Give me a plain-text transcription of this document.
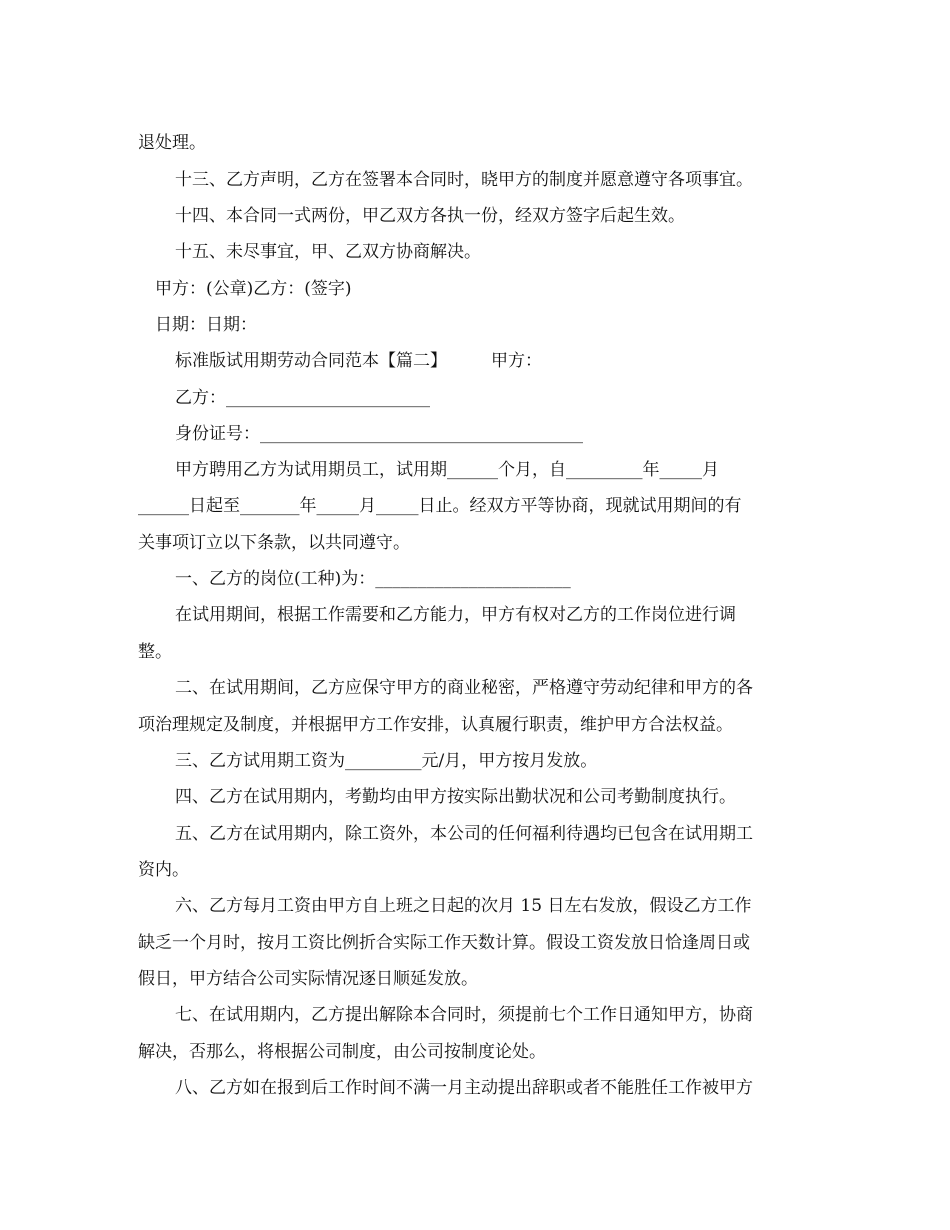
退处理。

十三、乙方声明，乙方在签署本合同时，晓甲方的制度并愿意遵守各项事宜。

十四、本合同一式两份，甲乙双方各执一份，经双方签字后起生效。

十五、未尽事宜，甲、乙双方协商解决。

甲方：(公章)乙方：(签字)

日期：日期：

标准版试用期劳动合同范本【篇二】	甲方：

乙方：________________________

身份证号：______________________________________

甲方聘用乙方为试用期员工，试用期______个月，自_________年_____月

______日起至_______年_____月_____日止。经双方平等协商，现就试用期间的有

关事项订立以下条款，以共同遵守。

一、乙方的岗位(工种)为：_______________________

在试用期间，根据工作需要和乙方能力，甲方有权对乙方的工作岗位进行调

整。

二、在试用期间，乙方应保守甲方的商业秘密，严格遵守劳动纪律和甲方的各

项治理规定及制度，并根据甲方工作安排，认真履行职责，维护甲方合法权益。

三、乙方试用期工资为_________元/月，甲方按月发放。

四、乙方在试用期内，考勤均由甲方按实际出勤状况和公司考勤制度执行。

五、乙方在试用期内，除工资外，本公司的任何福利待遇均已包含在试用期工

资内。

六、乙方每月工资由甲方自上班之日起的次月 15 日左右发放，假设乙方工作

缺乏一个月时，按月工资比例折合实际工作天数计算。假设工资发放日恰逢周日或

假日，甲方结合公司实际情况逐日顺延发放。

七、在试用期内，乙方提出解除本合同时，须提前七个工作日通知甲方，协商

解决，否那么，将根据公司制度，由公司按制度论处。

八、乙方如在报到后工作时间不满一月主动提出辞职或者不能胜任工作被甲方
